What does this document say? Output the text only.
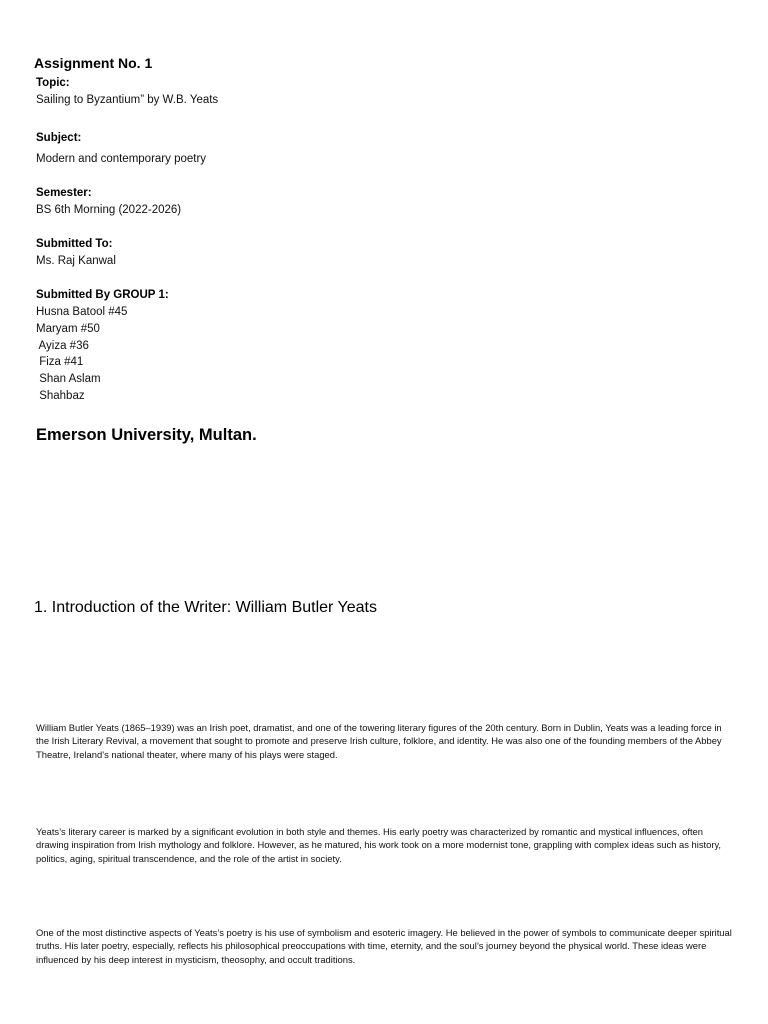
Assignment No. 1
Topic:
Sailing to Byzantium” by W.B. Yeats
Subject:
Modern and contemporary poetry
Semester:
BS 6th Morning (2022-2026)
Submitted To:
Ms. Raj Kanwal
Submitted By GROUP 1:
Husna Batool #45
Maryam #50
Ayiza #36
Fiza #41
Shan Aslam
Shahbaz
Emerson University, Multan.
1. Introduction of the Writer: William Butler Yeats

William Butler Yeats (1865–1939) was an Irish poet, dramatist, and one of the towering literary figures of the 20th century. Born in Dublin, Yeats was a leading force in the Irish Literary Revival, a movement that sought to promote and preserve Irish culture, folklore, and identity. He was also one of the founding members of the Abbey Theatre, Ireland’s national theater, where many of his plays were staged.

Yeats’s literary career is marked by a significant evolution in both style and themes. His early poetry was characterized by romantic and mystical influences, often drawing inspiration from Irish mythology and folklore. However, as he matured, his work took on a more modernist tone, grappling with complex ideas such as history, politics, aging, spiritual transcendence, and the role of the artist in society.

One of the most distinctive aspects of Yeats’s poetry is his use of symbolism and esoteric imagery. He believed in the power of symbols to communicate deeper spiritual truths. His later poetry, especially, reflects his philosophical preoccupations with time, eternity, and the soul’s journey beyond the physical world. These ideas were influenced by his deep interest in mysticism, theosophy, and occult traditions.
